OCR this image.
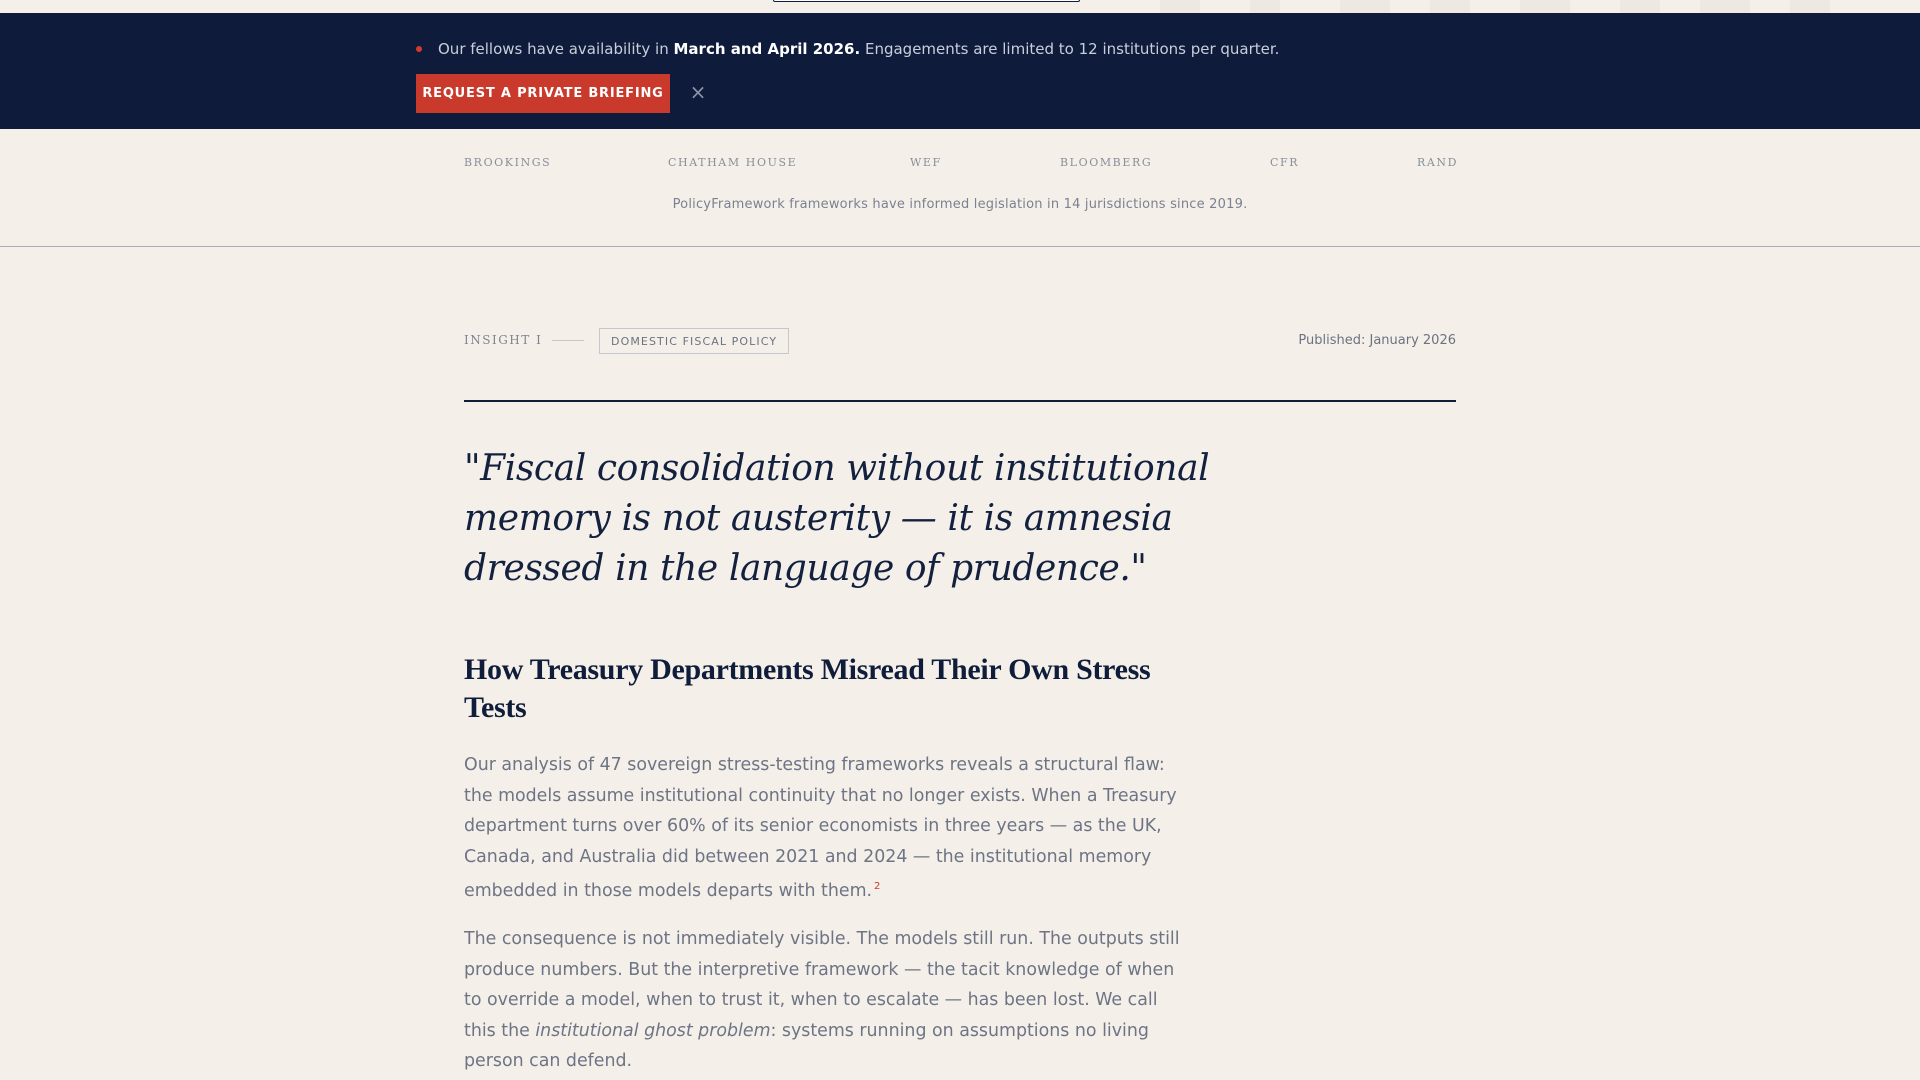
Our fellows have availability in
March and April 2026.
Engagements are limited to 12 institutions per quarter.
REQUEST A PRIVATE BRIEFING	×
BROOKINGS	CHATHAM HOUSE	WEF	BLOOMBERG	CFR	RAND
PolicyFramework frameworks have informed legislation in 14 jurisdictions since 2019.
INSIGHT I	DOMESTIC FISCAL POLICY	Published: January 2026
"Fiscal consolidation without institutional memory is not austerity — it is amnesia dressed in the language of prudence."
How Treasury Departments Misread Their Own Stress Tests

Our analysis of 47 sovereign stress-testing frameworks reveals a structural flaw: the models assume institutional continuity that no longer exists. When a Treasury department turns over 60% of its senior economists in three years — as the UK, Canada, and Australia did between 2021 and 2024 — the institutional memory embedded in those models departs with them. $^2$

The consequence is not immediately visible. The models still run. The outputs still produce numbers. But the interpretive framework — the tacit knowledge of when to override a model, when to trust it, when to escalate — has been lost. We call this the institutional ghost problem: systems running on assumptions no living person can defend.
